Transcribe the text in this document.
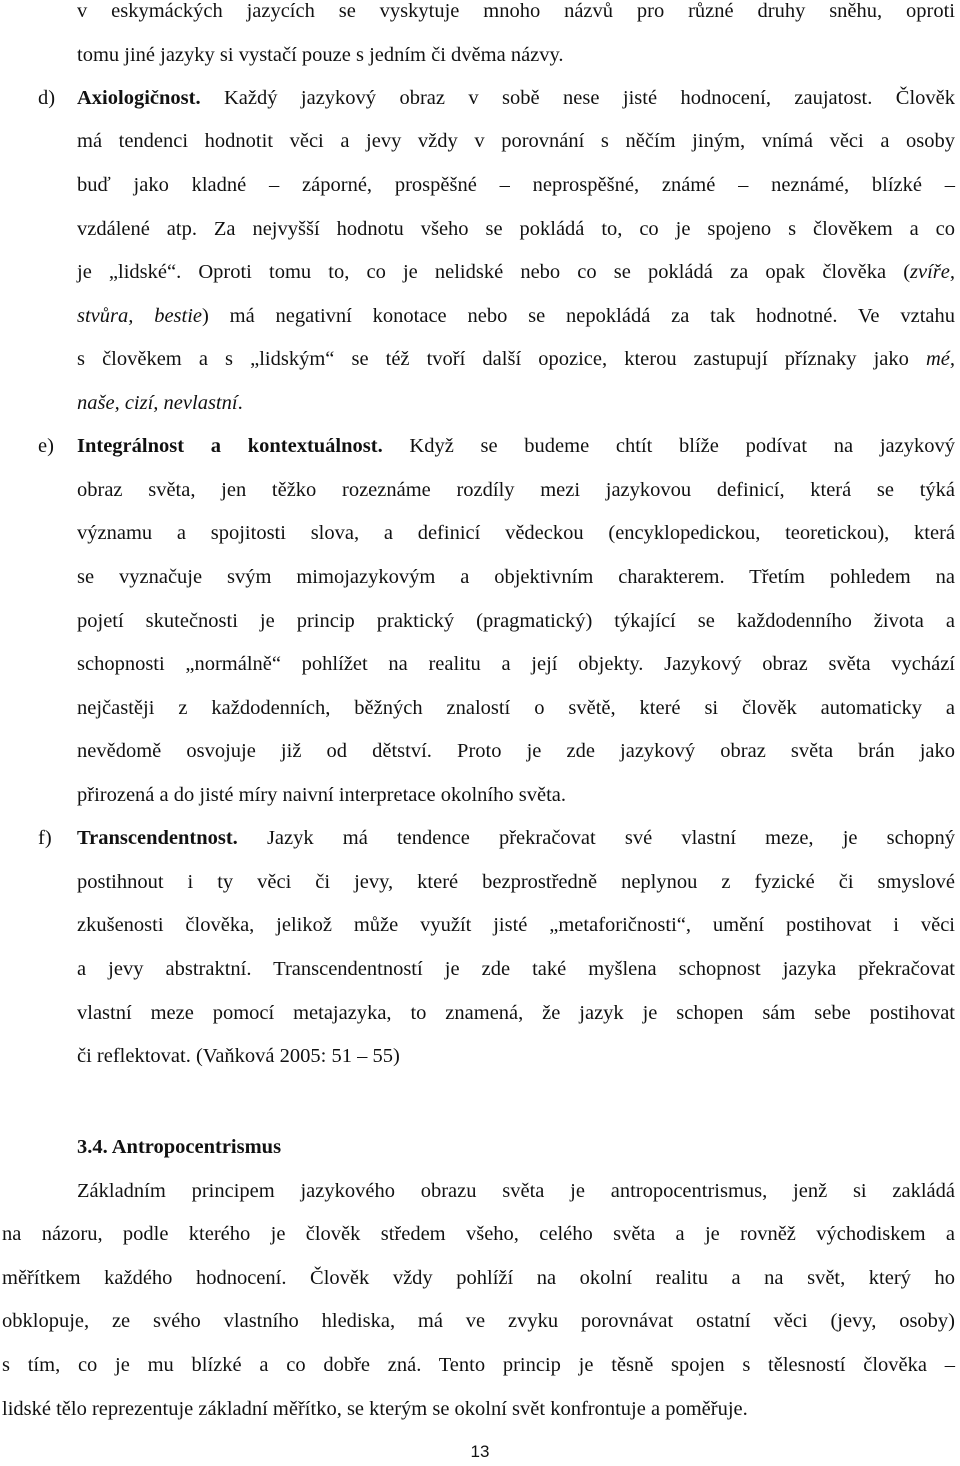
v eskymáckých jazycích se vyskytuje mnoho názvů pro různé druhy sněhu, oproti
tomu jiné jazyky si vystačí pouze s jedním či dvěma názvy.
d) Axiologičnost. Každý jazykový obraz v sobě nese jisté hodnocení, zaujatost. Člověk
má tendenci hodnotit věci a jevy vždy v porovnání s něčím jiným, vnímá věci a osoby
buď jako kladné – záporné, prospěšné – neprospěšné, známé – neznámé, blízké –
vzdálené atp. Za nejvyšší hodnotu všeho se pokládá to, co je spojeno s člověkem a co
je „lidské“. Oproti tomu to, co je nelidské nebo co se pokládá za opak člověka (zvíře,
stvůra, bestie) má negativní konotace nebo se nepokládá za tak hodnotné. Ve vztahu
s člověkem a s „lidským“ se též tvoří další opozice, kterou zastupují příznaky jako mé,
naše, cizí, nevlastní.
e) Integrálnost a kontextuálnost. Když se budeme chtít blíže podívat na jazykový
obraz světa, jen těžko rozeznáme rozdíly mezi jazykovou definicí, která se týká
významu a spojitosti slova, a definicí vědeckou (encyklopedickou, teoretickou), která
se vyznačuje svým mimojazykovým a objektivním charakterem. Třetím pohledem na
pojetí skutečnosti je princip praktický (pragmatický) týkající se každodenního života a
schopnosti „normálně“ pohlížet na realitu a její objekty. Jazykový obraz světa vychází
nejčastěji z každodenních, běžných znalostí o světě, které si člověk automaticky a
nevědomě osvojuje již od dětství. Proto je zde jazykový obraz světa brán jako
přirozená a do jisté míry naivní interpretace okolního světa.
f) Transcendentnost. Jazyk má tendence překračovat své vlastní meze, je schopný
postihnout i ty věci či jevy, které bezprostředně neplynou z fyzické či smyslové
zkušenosti člověka, jelikož může využít jisté „metaforičnosti“, umění postihovat i věci
a jevy abstraktní. Transcendentností je zde také myšlena schopnost jazyka překračovat
vlastní meze pomocí metajazyka, to znamená, že jazyk je schopen sám sebe postihovat
či reflektovat. (Vaňková 2005: 51 – 55)
3.4. Antropocentrismus
Základním principem jazykového obrazu světa je antropocentrismus, jenž si zakládá
na názoru, podle kterého je člověk středem všeho, celého světa a je rovněž východiskem a
měřítkem každého hodnocení. Člověk vždy pohlíží na okolní realitu a na svět, který ho
obklopuje, ze svého vlastního hlediska, má ve zvyku porovnávat ostatní věci (jevy, osoby)
s tím, co je mu blízké a co dobře zná. Tento princip je těsně spojen s tělesností člověka –
lidské tělo reprezentuje základní měřítko, se kterým se okolní svět konfrontuje a poměřuje.
13
